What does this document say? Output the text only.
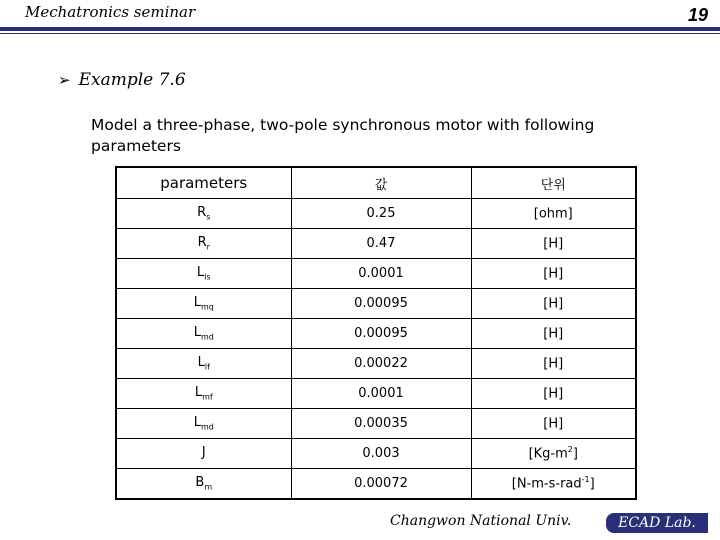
Mechatronics seminar	19
➢ Example 7.6
Model a three-phase, two-pole synchronous motor with following parameters
parameters	값	단위
$R_s$	0.25	[ohm]
$R_r$	0.47	[H]
$L_{ls}$	0.0001	[H]
$L_{mq}$	0.00095	[H]
$L_{md}$	0.00095	[H]
$L_{lf}$	0.00022	[H]
$L_{mf}$	0.0001	[H]
$L_{md}$	0.00035	[H]
J	0.003	$[Kg-m^2]$
$B_m$	0.00072	[N-m-s-rad$^{-1}$]
Changwon National Univ.	ECAD Lab.
